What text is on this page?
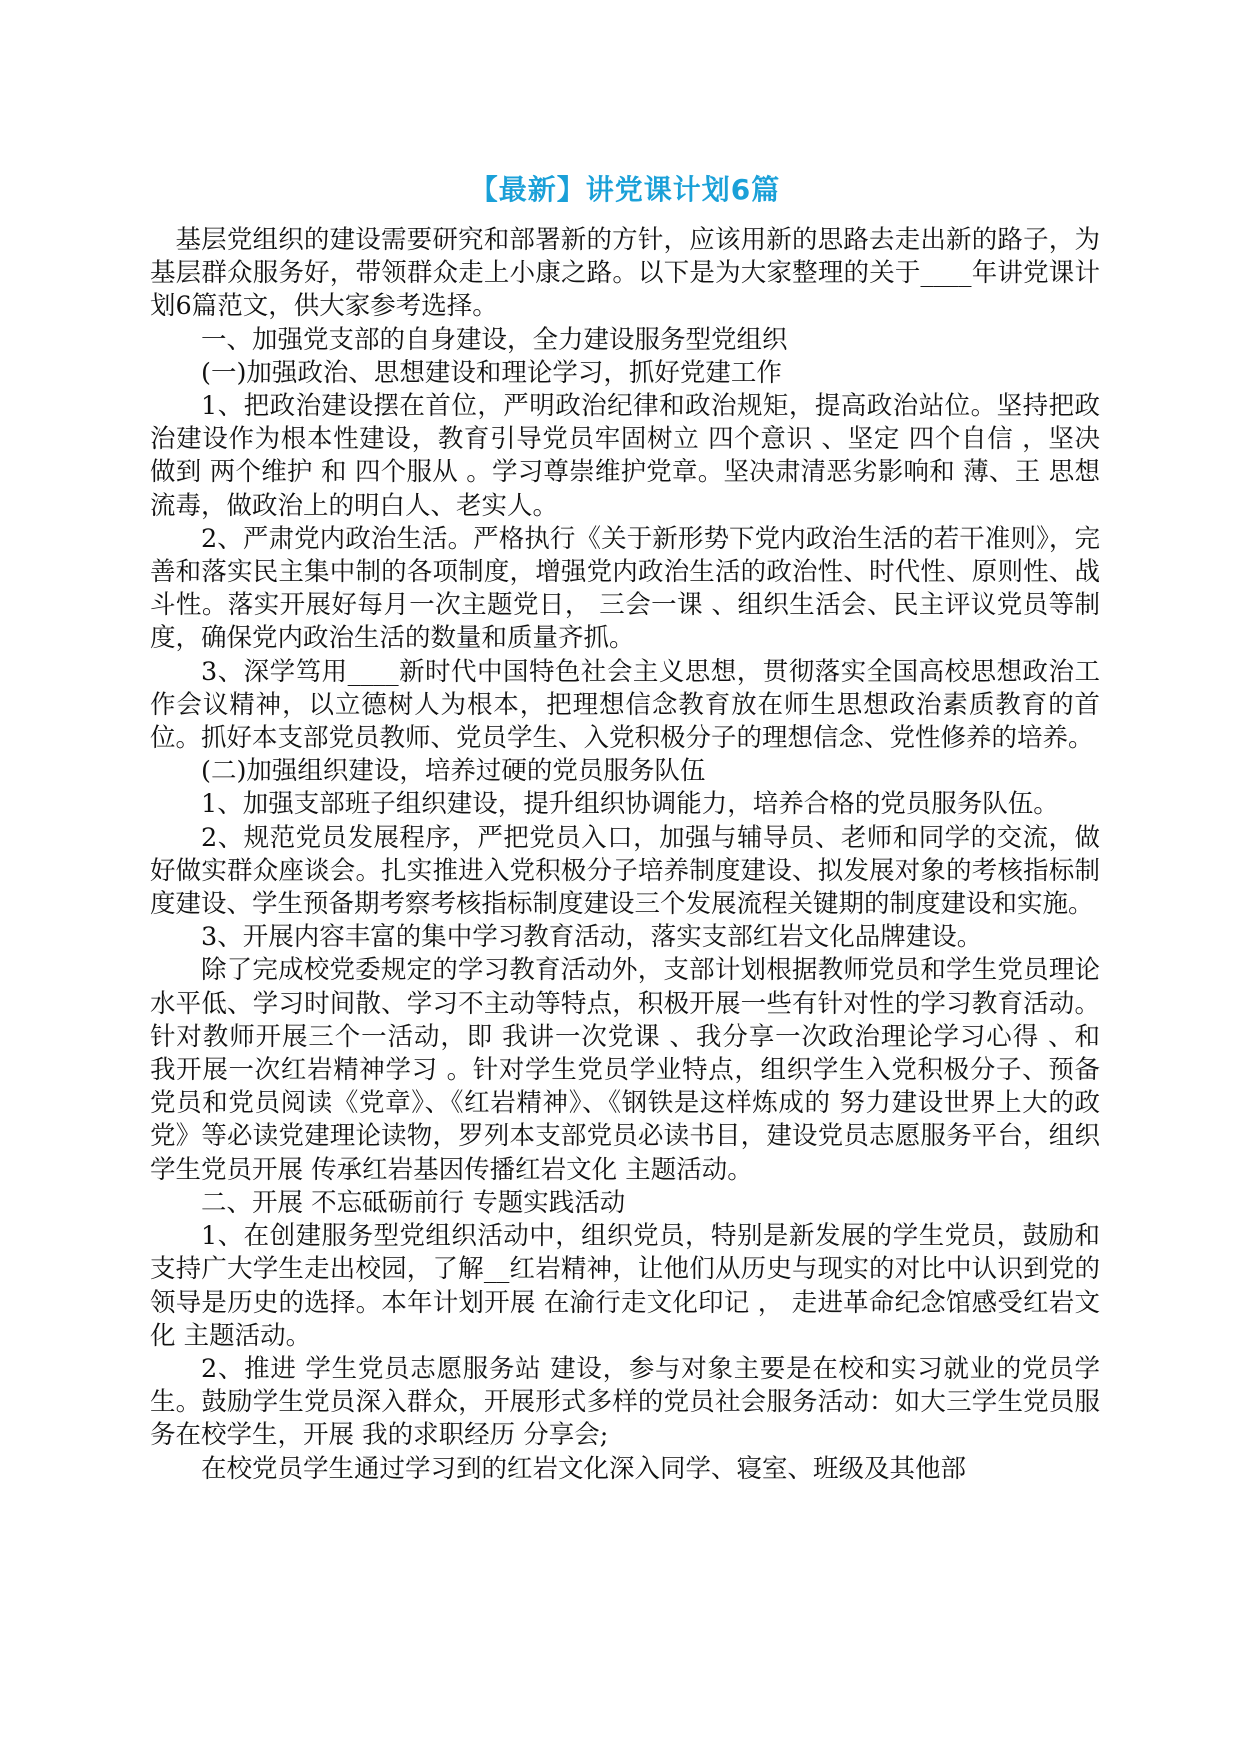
【最新】讲党课计划6篇

基层党组织的建设需要研究和部署新的方针，应该用新的思路去走出新的路子，为基层群众服务好，带领群众走上小康之路。以下是为大家整理的关于____年讲党课计划6篇范文，供大家参考选择。

一、加强党支部的自身建设，全力建设服务型党组织

(一)加强政治、思想建设和理论学习，抓好党建工作

1、把政治建设摆在首位，严明政治纪律和政治规矩，提高政治站位。坚持把政治建设作为根本性建设，教育引导党员牢固树立 四个意识 、坚定 四个自信 ，坚决做到 两个维护 和 四个服从 。学习尊崇维护党章。坚决肃清恶劣影响和 薄、王 思想流毒，做政治上的明白人、老实人。

2、严肃党内政治生活。严格执行《关于新形势下党内政治生活的若干准则》，完善和落实民主集中制的各项制度，增强党内政治生活的政治性、时代性、原则性、战斗性。落实开展好每月一次主题党日， 三会一课 、组织生活会、民主评议党员等制度，确保党内政治生活的数量和质量齐抓。

3、深学笃用____新时代中国特色社会主义思想，贯彻落实全国高校思想政治工作会议精神，以立德树人为根本，把理想信念教育放在师生思想政治素质教育的首位。抓好本支部党员教师、党员学生、入党积极分子的理想信念、党性修养的培养。

(二)加强组织建设，培养过硬的党员服务队伍

1、加强支部班子组织建设，提升组织协调能力，培养合格的党员服务队伍。

2、规范党员发展程序，严把党员入口，加强与辅导员、老师和同学的交流，做好做实群众座谈会。扎实推进入党积极分子培养制度建设、拟发展对象的考核指标制度建设、学生预备期考察考核指标制度建设三个发展流程关键期的制度建设和实施。

3、开展内容丰富的集中学习教育活动，落实支部红岩文化品牌建设。

除了完成校党委规定的学习教育活动外，支部计划根据教师党员和学生党员理论水平低、学习时间散、学习不主动等特点，积极开展一些有针对性的学习教育活动。针对教师开展三个一活动，即 我讲一次党课 、我分享一次政治理论学习心得 、和 我开展一次红岩精神学习 。针对学生党员学业特点，组织学生入党积极分子、预备党员和党员阅读《党章》、《红岩精神》、《钢铁是这样炼成的 努力建设世界上大的政党》等必读党建理论读物，罗列本支部党员必读书目，建设党员志愿服务平台，组织学生党员开展 传承红岩基因传播红岩文化 主题活动。

二、开展 不忘砥砺前行 专题实践活动

1、在创建服务型党组织活动中，组织党员，特别是新发展的学生党员，鼓励和支持广大学生走出校园，了解__红岩精神，让他们从历史与现实的对比中认识到党的领导是历史的选择。本年计划开展 在渝行走文化印记 ， 走进革命纪念馆感受红岩文化 主题活动。

2、推进 学生党员志愿服务站 建设，参与对象主要是在校和实习就业的党员学生。鼓励学生党员深入群众，开展形式多样的党员社会服务活动：如大三学生党员服务在校学生，开展 我的求职经历 分享会;

在校党员学生通过学习到的红岩文化深入同学、寝室、班级及其他部
